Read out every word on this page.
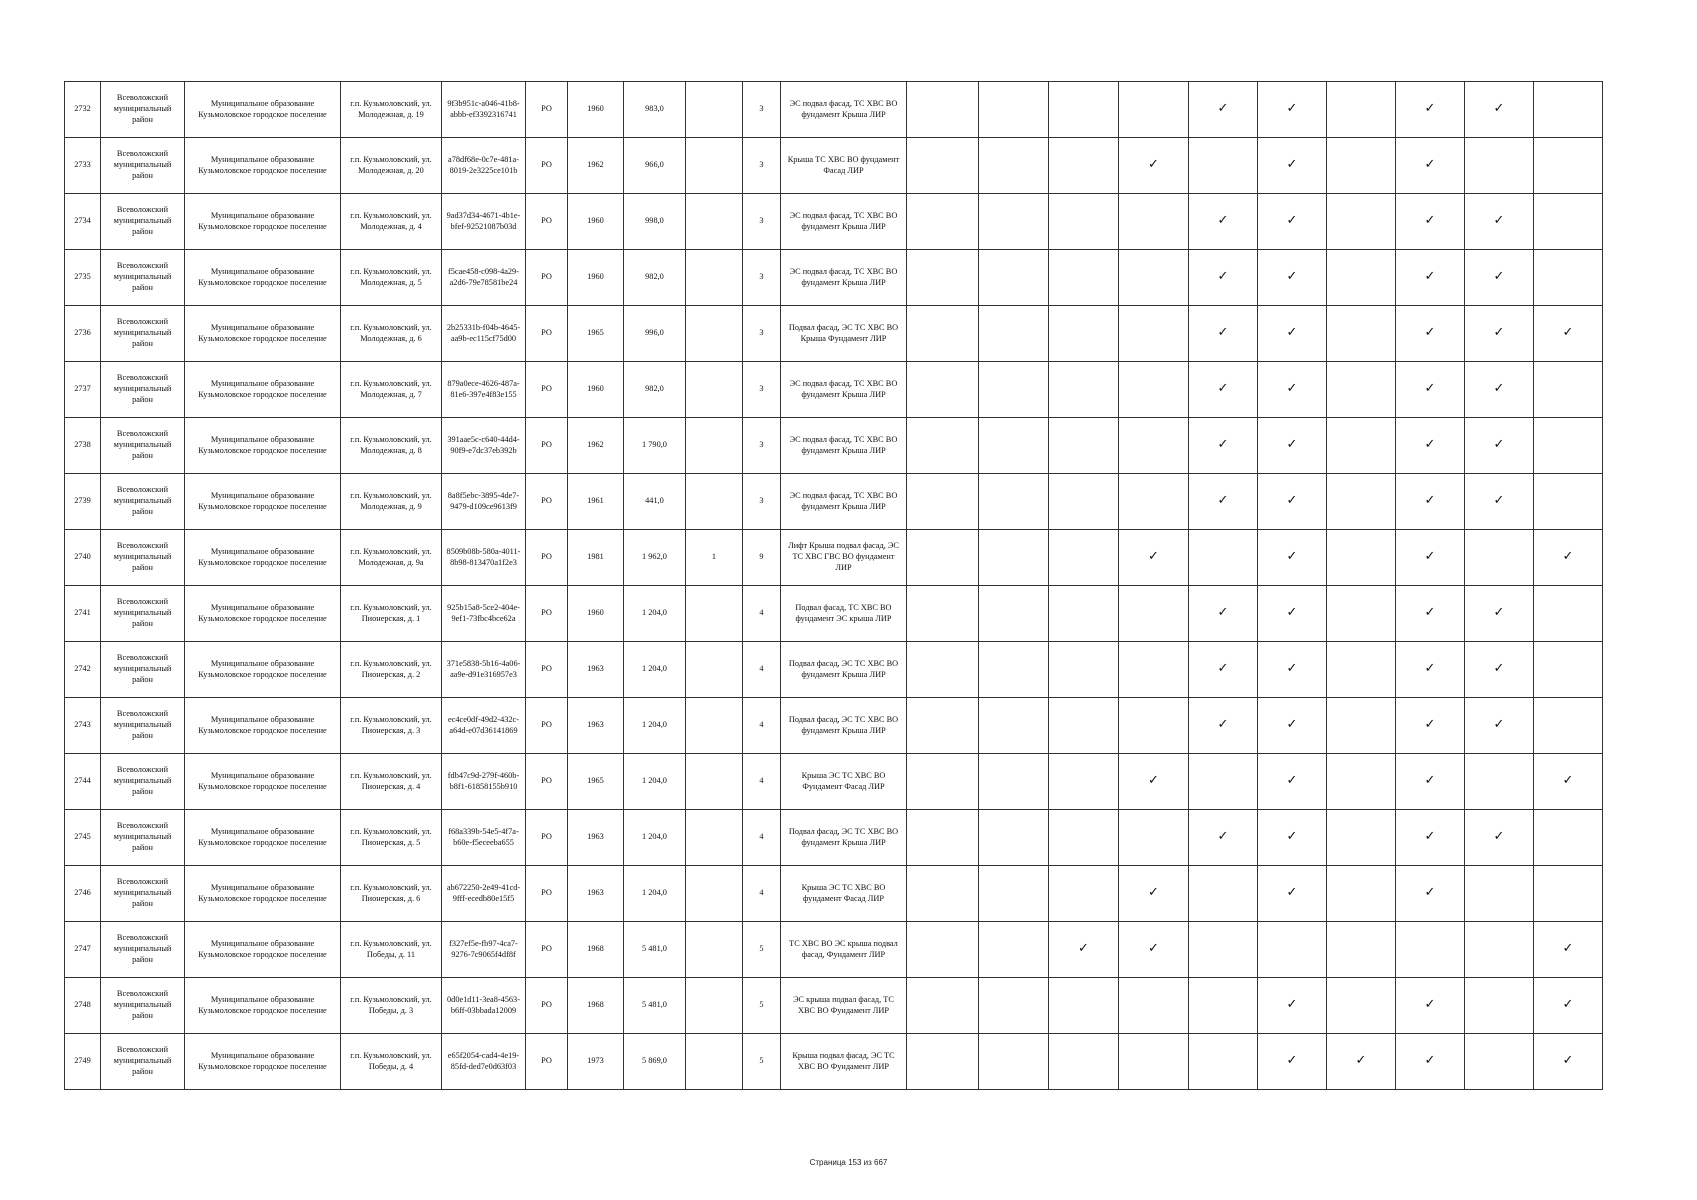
2732	Всеволожский муниципальный район	Муниципальное образование Кузьмоловское городское поселение	г.п. Кузьмоловский, ул. Молодежная, д. 19	9f3b951c-a046-41b8-abbb-ef3392316741	РО	1960	983,0		3	ЭС подвал фасад, ТС ХВС ВО фундамент Крыша ЛИР					✓	✓		✓	✓	
2733	Всеволожский муниципальный район	Муниципальное образование Кузьмоловское городское поселение	г.п. Кузьмоловский, ул. Молодежная, д. 20	a78df68e-0c7e-481a-8019-2e3225ce101b	РО	1962	966,0		3	Крыша ТС ХВС ВО фундамент Фасад ЛИР				✓		✓		✓		
2734	Всеволожский муниципальный район	Муниципальное образование Кузьмоловское городское поселение	г.п. Кузьмоловский, ул. Молодежная, д. 4	9ad37d34-4671-4b1e-bfef-92521087b03d	РО	1960	998,0		3	ЭС подвал фасад, ТС ХВС ВО фундамент Крыша ЛИР					✓	✓		✓	✓	
2735	Всеволожский муниципальный район	Муниципальное образование Кузьмоловское городское поселение	г.п. Кузьмоловский, ул. Молодежная, д. 5	f5cae458-c098-4a29-a2d6-79e78581be24	РО	1960	982,0		3	ЭС подвал фасад, ТС ХВС ВО фундамент Крыша ЛИР					✓	✓		✓	✓	
2736	Всеволожский муниципальный район	Муниципальное образование Кузьмоловское городское поселение	г.п. Кузьмоловский, ул. Молодежная, д. 6	2b25331b-f04b-4645-aa9b-ec115cf75d00	РО	1965	996,0		3	Подвал фасад, ЭС ТС ХВС ВО Крыша Фундамент ЛИР					✓	✓		✓	✓	✓
2737	Всеволожский муниципальный район	Муниципальное образование Кузьмоловское городское поселение	г.п. Кузьмоловский, ул. Молодежная, д. 7	879a0ece-4626-487a-81e6-397e4f83e155	РО	1960	982,0		3	ЭС подвал фасад, ТС ХВС ВО фундамент Крыша ЛИР					✓	✓		✓	✓	
2738	Всеволожский муниципальный район	Муниципальное образование Кузьмоловское городское поселение	г.п. Кузьмоловский, ул. Молодежная, д. 8	391aae5c-c640-44d4-90f9-e7dc37eb392b	РО	1962	1 790,0		3	ЭС подвал фасад, ТС ХВС ВО фундамент Крыша ЛИР					✓	✓		✓	✓	
2739	Всеволожский муниципальный район	Муниципальное образование Кузьмоловское городское поселение	г.п. Кузьмоловский, ул. Молодежная, д. 9	8a8f5ebc-3895-4de7-9479-d109ce9613f9	РО	1961	441,0		3	ЭС подвал фасад, ТС ХВС ВО фундамент Крыша ЛИР					✓	✓		✓	✓	
2740	Всеволожский муниципальный район	Муниципальное образование Кузьмоловское городское поселение	г.п. Кузьмоловский, ул. Молодежная, д. 9а	8509b08b-580a-4011-8b98-813470a1f2e3	РО	1981	1 962,0	1	9	Лифт Крыша подвал фасад, ЭС ТС ХВС ГВС ВО фундамент ЛИР				✓		✓		✓		✓
2741	Всеволожский муниципальный район	Муниципальное образование Кузьмоловское городское поселение	г.п. Кузьмоловский, ул. Пионерская, д. 1	925b15a8-5ce2-404e-9ef1-73fbc4bce62a	РО	1960	1 204,0		4	Подвал фасад, ТС ХВС ВО фундамент ЭС крыша ЛИР					✓	✓		✓	✓	
2742	Всеволожский муниципальный район	Муниципальное образование Кузьмоловское городское поселение	г.п. Кузьмоловский, ул. Пионерская, д. 2	371e5838-5b16-4a06-aa9e-d91e316957e3	РО	1963	1 204,0		4	Подвал фасад, ЭС ТС ХВС ВО фундамент Крыша ЛИР					✓	✓		✓	✓	
2743	Всеволожский муниципальный район	Муниципальное образование Кузьмоловское городское поселение	г.п. Кузьмоловский, ул. Пионерская, д. 3	ec4ce0df-49d2-432c-a64d-e07d36141869	РО	1963	1 204,0		4	Подвал фасад, ЭС ТС ХВС ВО фундамент Крыша ЛИР					✓	✓		✓	✓	
2744	Всеволожский муниципальный район	Муниципальное образование Кузьмоловское городское поселение	г.п. Кузьмоловский, ул. Пионерская, д. 4	fdb47c9d-279f-460b-b8f1-61858155b910	РО	1965	1 204,0		4	Крыша ЭС ТС ХВС ВО Фундамент Фасад ЛИР				✓		✓		✓		✓
2745	Всеволожский муниципальный район	Муниципальное образование Кузьмоловское городское поселение	г.п. Кузьмоловский, ул. Пионерская, д. 5	f68a339b-54e5-4f7a-b60e-f5eceeba655	РО	1963	1 204,0		4	Подвал фасад, ЭС ТС ХВС ВО фундамент Крыша ЛИР					✓	✓		✓	✓	
2746	Всеволожский муниципальный район	Муниципальное образование Кузьмоловское городское поселение	г.п. Кузьмоловский, ул. Пионерская, д. 6	ab672250-2e49-41cd-9fff-ecedb80e15f5	РО	1963	1 204,0		4	Крыша ЭС ТС ХВС ВО фундамент Фасад ЛИР				✓		✓		✓		
2747	Всеволожский муниципальный район	Муниципальное образование Кузьмоловское городское поселение	г.п. Кузьмоловский, ул. Победы, д. 11	f327ef5e-fb97-4ca7-9276-7c9065f4df8f	РО	1968	5 481,0		5	ТС ХВС ВО ЭС крыша подвал фасад, Фундамент ЛИР			✓	✓						✓
2748	Всеволожский муниципальный район	Муниципальное образование Кузьмоловское городское поселение	г.п. Кузьмоловский, ул. Победы, д. 3	0d0e1d11-3ea8-4563-b6ff-03bbada12009	РО	1968	5 481,0		5	ЭС крыша подвал фасад, ТС ХВС ВО Фундамент ЛИР						✓		✓		✓
2749	Всеволожский муниципальный район	Муниципальное образование Кузьмоловское городское поселение	г.п. Кузьмоловский, ул. Победы, д. 4	e65f2054-cad4-4e19-85fd-ded7e0d63f03	РО	1973	5 869,0		5	Крыша подвал фасад, ЭС ТС ХВС ВО Фундамент ЛИР						✓	✓	✓		✓
Страница 153 из 667
